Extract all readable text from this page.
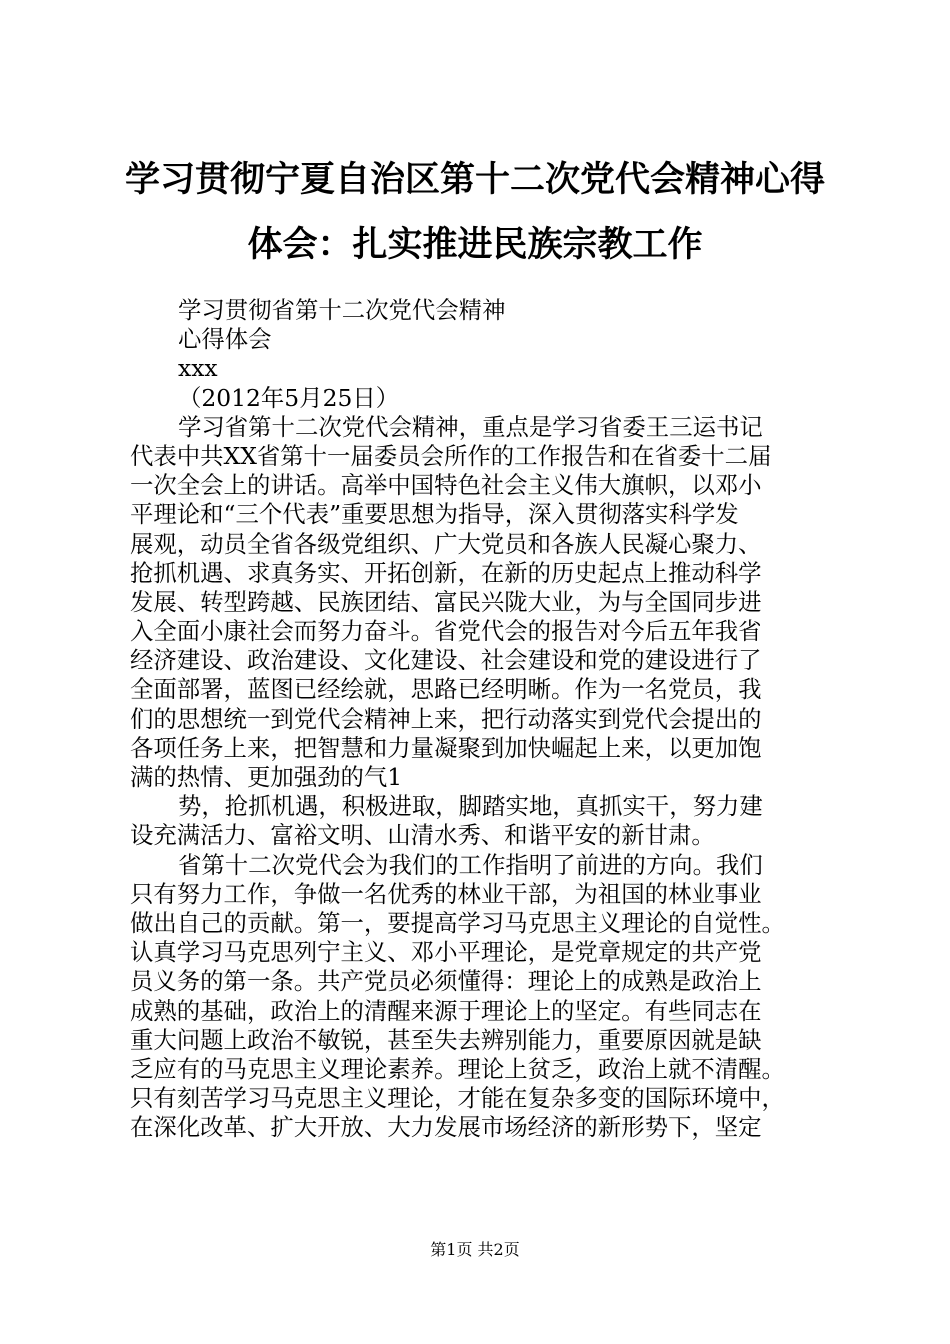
学习贯彻宁夏自治区第十二次党代会精神心得
体会：扎实推进民族宗教工作
学习贯彻省第十二次党代会精神
心得体会
xxx
（2012年5月25日）
学习省第十二次党代会精神，重点是学习省委王三运书记
代表中共XX省第十一届委员会所作的工作报告和在省委十二届
一次全会上的讲话。高举中国特色社会主义伟大旗帜，以邓小
平理论和“三个代表”重要思想为指导，深入贯彻落实科学发
展观，动员全省各级党组织、广大党员和各族人民凝心聚力、
抢抓机遇、求真务实、开拓创新，在新的历史起点上推动科学
发展、转型跨越、民族团结、富民兴陇大业，为与全国同步进
入全面小康社会而努力奋斗。省党代会的报告对今后五年我省
经济建设、政治建设、文化建设、社会建设和党的建设进行了
全面部署，蓝图已经绘就，思路已经明晰。作为一名党员，我
们的思想统一到党代会精神上来，把行动落实到党代会提出的
各项任务上来，把智慧和力量凝聚到加快崛起上来，以更加饱
满的热情、更加强劲的气1
势，抢抓机遇，积极进取，脚踏实地，真抓实干，努力建
设充满活力、富裕文明、山清水秀、和谐平安的新甘肃。
省第十二次党代会为我们的工作指明了前进的方向。我们
只有努力工作，争做一名优秀的林业干部，为祖国的林业事业
做出自己的贡献。第一，要提高学习马克思主义理论的自觉性。
认真学习马克思列宁主义、邓小平理论，是党章规定的共产党
员义务的第一条。共产党员必须懂得：理论上的成熟是政治上
成熟的基础，政治上的清醒来源于理论上的坚定。有些同志在
重大问题上政治不敏锐，甚至失去辨别能力，重要原因就是缺
乏应有的马克思主义理论素养。理论上贫乏，政治上就不清醒。
只有刻苦学习马克思主义理论，才能在复杂多变的国际环境中，
在深化改革、扩大开放、大力发展市场经济的新形势下，坚定
第1页 共2页
